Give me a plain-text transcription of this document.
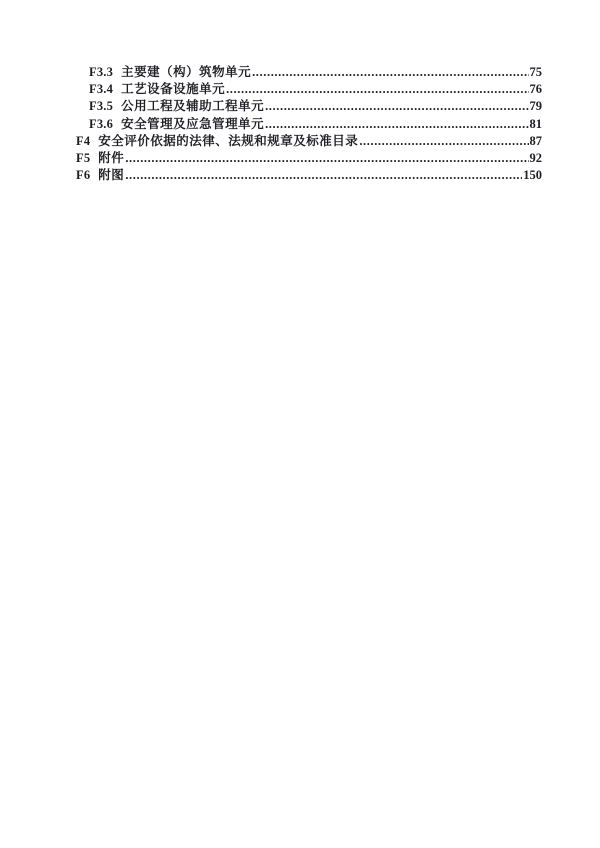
F3.3 主要建（构）筑物单元 .....	75
F3.4 工艺设备设施单元 .....	76
F3.5 公用工程及辅助工程单元 .....	79
F3.6 安全管理及应急管理单元 .....	81
F4 安全评价依据的法律、法规和规章及标准目录 .....	87
F5 附件 .....	92
F6 附图 .....	150
